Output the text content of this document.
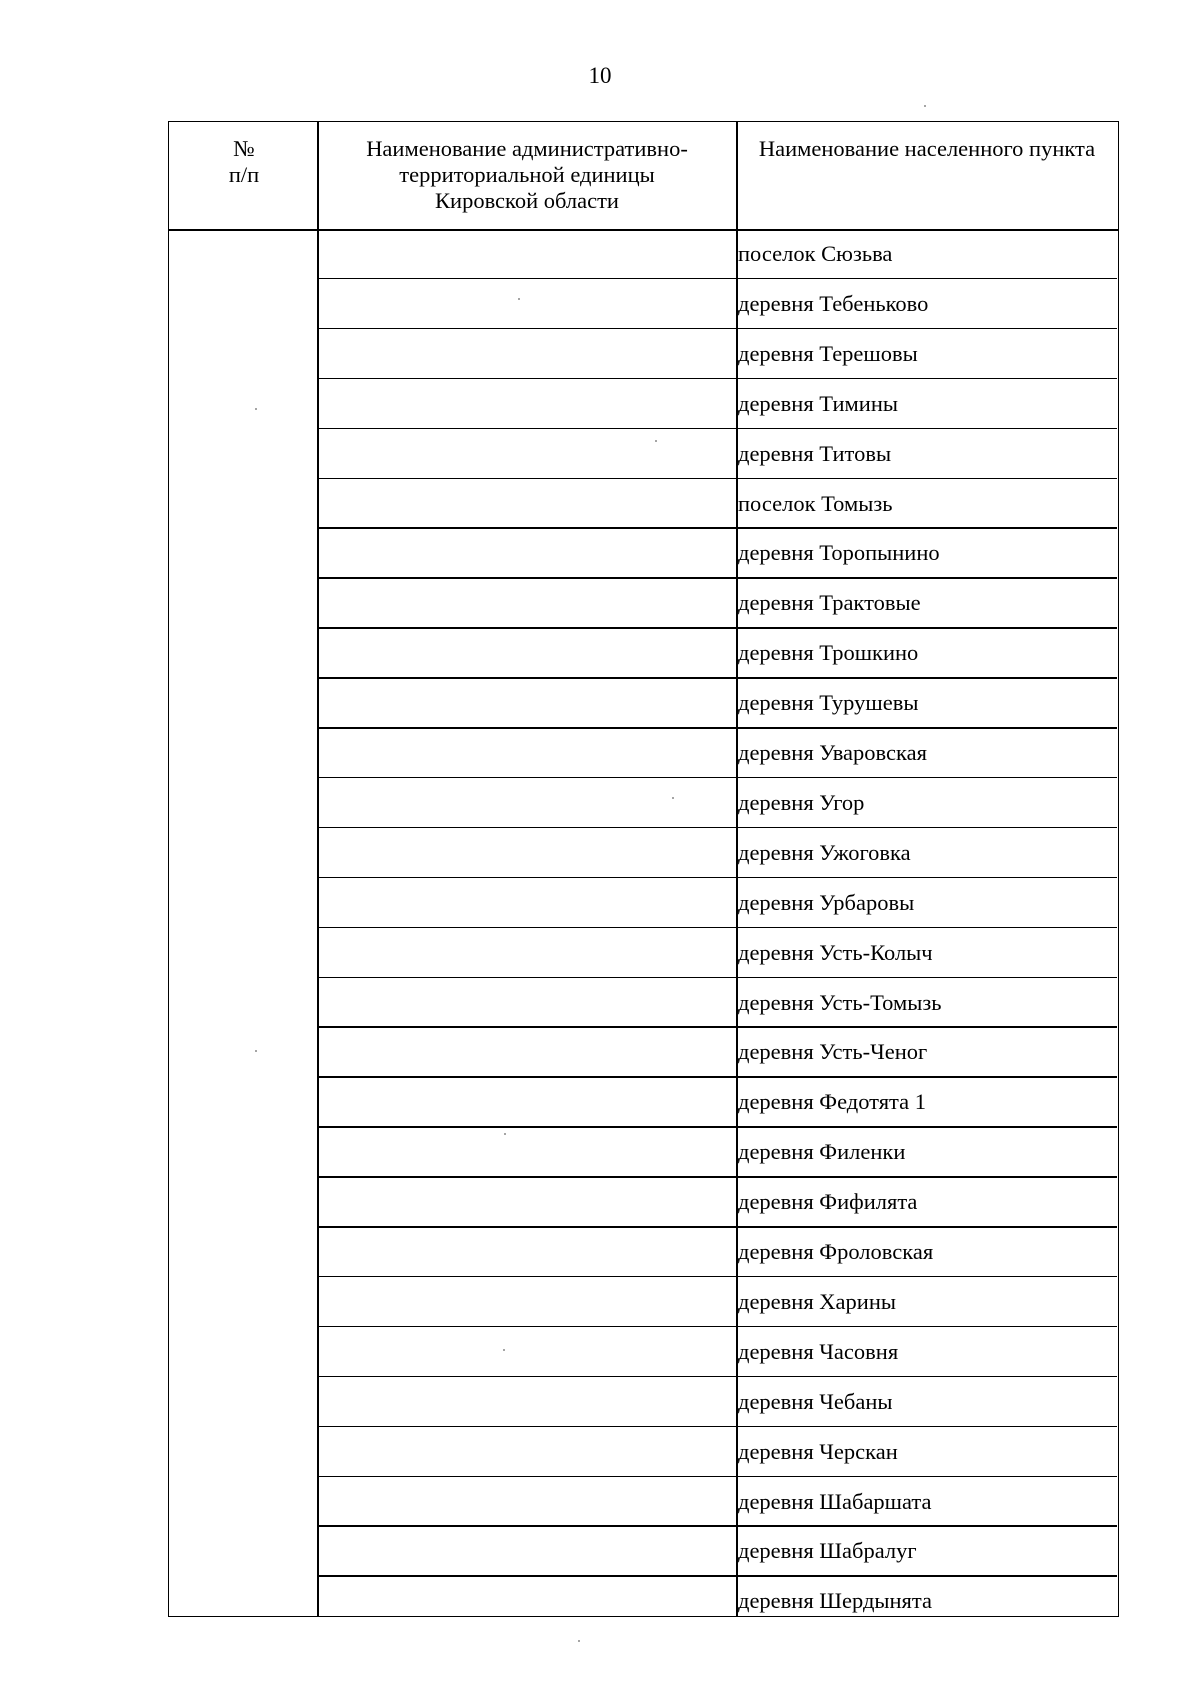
10
№
п/п
Наименование административно-
территориальной единицы
Кировской области
Наименование населенного пункта
поселок Сюзьва
деревня Тебеньково
деревня Терешовы
деревня Тимины
деревня Титовы
поселок Томызь
деревня Торопынино
деревня Трактовые
деревня Трошкино
деревня Турушевы
деревня Уваровская
деревня Угор
деревня Ужоговка
деревня Урбаровы
деревня Усть-Колыч
деревня Усть-Томызь
деревня Усть-Ченог
деревня Федотята 1
деревня Филенки
деревня Фифилята
деревня Фроловская
деревня Харины
деревня Часовня
деревня Чебаны
деревня Черскан
деревня Шабаршата
деревня Шабралуг
деревня Шердынята
